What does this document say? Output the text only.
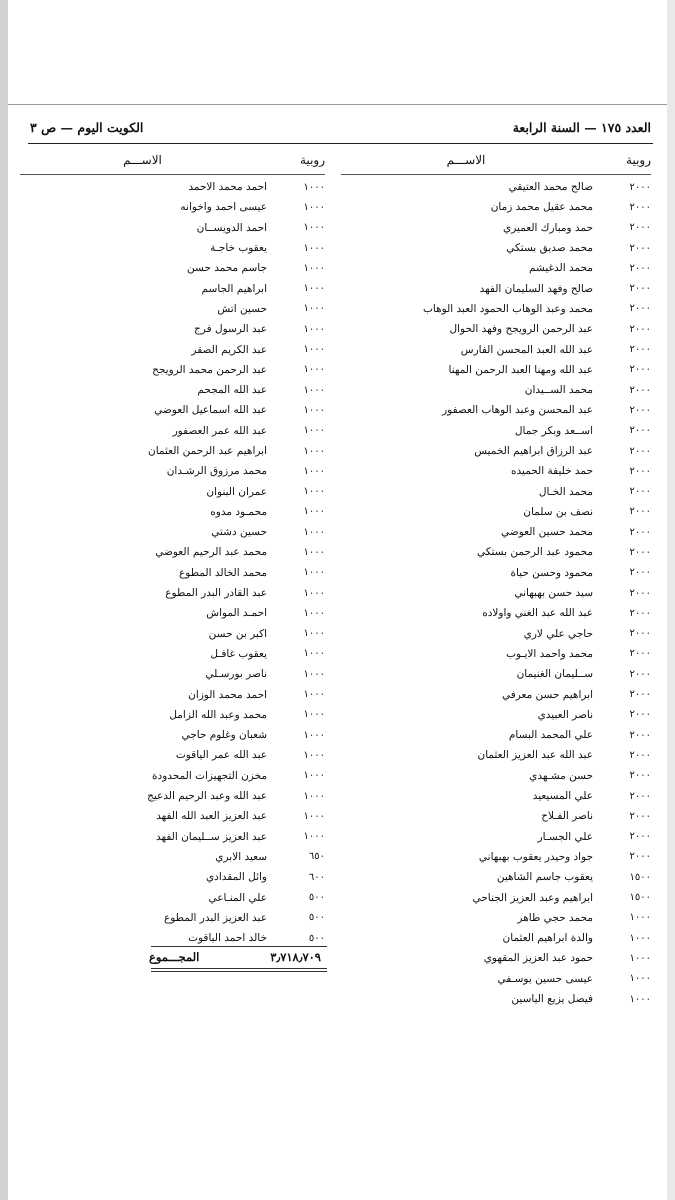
العدد ١٧٥ — السنة الرابعة
الكويت اليوم — ص ٣
روبية
الاســـم
٢٠٠٠
صالح محمد العتيقي
٢٠٠٠
محمد عقيل محمد زمان
٢٠٠٠
حمد ومبارك العميري
٢٠٠٠
محمد صديق بستكي
٢٠٠٠
محمد الدغيشم
٢٠٠٠
صالح وفهد السليمان الفهد
٢٠٠٠
محمد وعبد الوهاب الحمود العبد الوهاب
٢٠٠٠
عبد الرحمن الرويجح وفهد الحوال
٢٠٠٠
عبد الله العبد المحسن الفارس
٢٠٠٠
عبد الله ومهنا العبد الرحمن المهنا
٢٠٠٠
محمد الســيدان
٢٠٠٠
عبد المحسن وعبد الوهاب العصفور
٢٠٠٠
اســعد وبكر جمال
٢٠٠٠
عبد الرزاق ابراهيم الخميس
٢٠٠٠
حمد خليفة الحميده
٢٠٠٠
محمد الخـال
٢٠٠٠
نصف بن سلمان
٢٠٠٠
محمد حسين العوضي
٢٠٠٠
محمود عبد الرحمن بستكي
٢٠٠٠
محمود وحسن حياة
٢٠٠٠
سيد حسن بهبهاني
٢٠٠٠
عبد الله عبد الغني واولاده
٢٠٠٠
حاجي علي لاري
٢٠٠٠
محمد واحمد الايـوب
٢٠٠٠
ســليمان الغنيمان
٢٠٠٠
ابراهيم حسن معرفي
٢٠٠٠
ناصر العبيدي
٢٠٠٠
علي المحمد البسام
٢٠٠٠
عبد الله عبد العزيز العثمان
٢٠٠٠
حسن مشـهدي
٢٠٠٠
علي المسيعيد
٢٠٠٠
ناصر الفـلاح
٢٠٠٠
علي الجسـار
٢٠٠٠
جواد وحيدر يعقوب بهبهاني
١٥٠٠
يعقوب جاسم الشاهين
١٥٠٠
ابراهيم وعبد العزيز الجناحي
١٠٠٠
محمد حجي طاهر
١٠٠٠
والدة ابراهيم العثمان
١٠٠٠
حمود عبد العزيز المقهوي
١٠٠٠
عيسى حسين يوسـفي
١٠٠٠
فيصل يزيع الياسين
روبية
الاســـم
١٠٠٠
احمد محمد الاحمد
١٠٠٠
عيسى احمد واخوانه
١٠٠٠
احمد الدويســان
١٠٠٠
يعقوب خاجـة
١٠٠٠
جاسم محمد حسن
١٠٠٠
ابراهيم الجاسم
١٠٠٠
حسين اتش
١٠٠٠
عبد الرسول فرج
١٠٠٠
عبد الكريم الصقر
١٠٠٠
عبد الرحمن محمد الرويجح
١٠٠٠
عبد الله المجحم
١٠٠٠
عبد الله اسماعيل العوضي
١٠٠٠
عبد الله عمر العصفور
١٠٠٠
ابراهيم عبد الرحمن العثمان
١٠٠٠
محمد مرزوق الرشـدان
١٠٠٠
عمران البنوان
١٠٠٠
محمـود مدوه
١٠٠٠
حسين دشتي
١٠٠٠
محمد عبد الرحيم العوضي
١٠٠٠
محمد الخالد المطوع
١٠٠٠
عبد القادر البدر المطوع
١٠٠٠
احمـد المواش
١٠٠٠
اكبر بن حسن
١٠٠٠
يعقوب غافـل
١٠٠٠
ناصر بورسـلي
١٠٠٠
احمد محمد الوزان
١٠٠٠
محمد وعبد الله الزامل
١٠٠٠
شعبان وغلوم حاجي
١٠٠٠
عبد الله عمر الياقوت
١٠٠٠
مخزن التجهيزات المحدودة
١٠٠٠
عبد الله وعبد الرحيم الدعيج
١٠٠٠
عبد العزيز العبد الله الفهد
١٠٠٠
عبد العزيز ســليمان الفهد
٦٥٠
سعيد الابري
٦٠٠
وائل المقدادي
٥٠٠
علي المنـاعي
٥٠٠
عبد العزيز البدر المطوع
٥٠٠
خالد احمد الياقوت
٣٫٧١٨٫٧٠٩
المجـــموع
